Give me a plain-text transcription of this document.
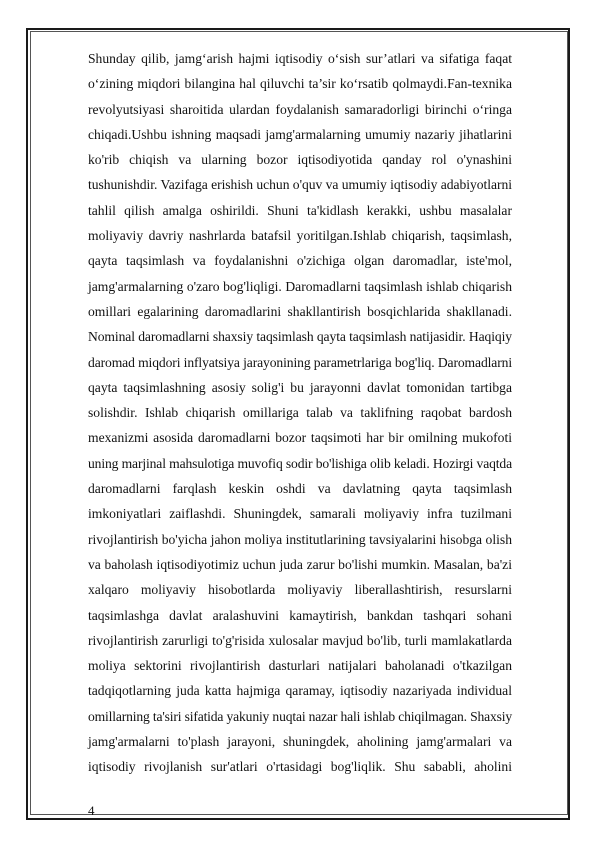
Shunday qilib, jamg‘arish hajmi iqtisodiy o‘sish sur’atlari va sifatiga faqat
o‘zining miqdori bilangina hal qiluvchi ta’sir ko‘rsatib qolmaydi.Fan-texnika
revolyutsiyasi sharoitida ulardan foydalanish samaradorligi birinchi o‘ringa
chiqadi.Ushbu ishning maqsadi jamg'armalarning umumiy nazariy jihatlarini
ko'rib chiqish va ularning bozor iqtisodiyotida qanday rol o'ynashini
tushunishdir. Vazifaga erishish uchun o'quv va umumiy iqtisodiy adabiyotlarni
tahlil qilish amalga oshirildi. Shuni ta'kidlash kerakki, ushbu masalalar
moliyaviy davriy nashrlarda batafsil yoritilgan.Ishlab chiqarish, taqsimlash,
qayta taqsimlash va foydalanishni o'zichiga olgan daromadlar, iste'mol,
jamg'armalarning o'zaro bog'liqligi. Daromadlarni taqsimlash ishlab chiqarish
omillari egalarining daromadlarini shakllantirish bosqichlarida shakllanadi.
Nominal daromadlarni shaxsiy taqsimlash qayta taqsimlash natijasidir. Haqiqiy
daromad miqdori inflyatsiya jarayonining parametrlariga bog'liq. Daromadlarni
qayta taqsimlashning asosiy solig'i bu jarayonni davlat tomonidan tartibga
solishdir. Ishlab chiqarish omillariga talab va taklifning raqobat bardosh
mexanizmi asosida daromadlarni bozor taqsimoti har bir omilning mukofoti
uning marjinal mahsulotiga muvofiq sodir bo'lishiga olib keladi. Hozirgi vaqtda
daromadlarni farqlash keskin oshdi va davlatning qayta taqsimlash
imkoniyatlari zaiflashdi. Shuningdek, samarali moliyaviy infra tuzilmani
rivojlantirish bo'yicha jahon moliya institutlarining tavsiyalarini hisobga olish
va baholash iqtisodiyotimiz uchun juda zarur bo'lishi mumkin. Masalan, ba'zi
xalqaro moliyaviy hisobotlarda moliyaviy liberallashtirish, resurslarni
taqsimlashga davlat aralashuvini kamaytirish, bankdan tashqari sohani
rivojlantirish zarurligi to'g'risida xulosalar mavjud bo'lib, turli mamlakatlarda
moliya sektorini rivojlantirish dasturlari natijalari baholanadi o'tkazilgan
tadqiqotlarning juda katta hajmiga qaramay, iqtisodiy nazariyada individual
omillarning ta'siri sifatida yakuniy nuqtai nazar hali ishlab chiqilmagan. Shaxsiy
jamg'armalarni to'plash jarayoni, shuningdek, aholining jamg'armalari va
iqtisodiy rivojlanish sur'atlari o'rtasidagi bog'liqlik. Shu sababli, aholini
4
